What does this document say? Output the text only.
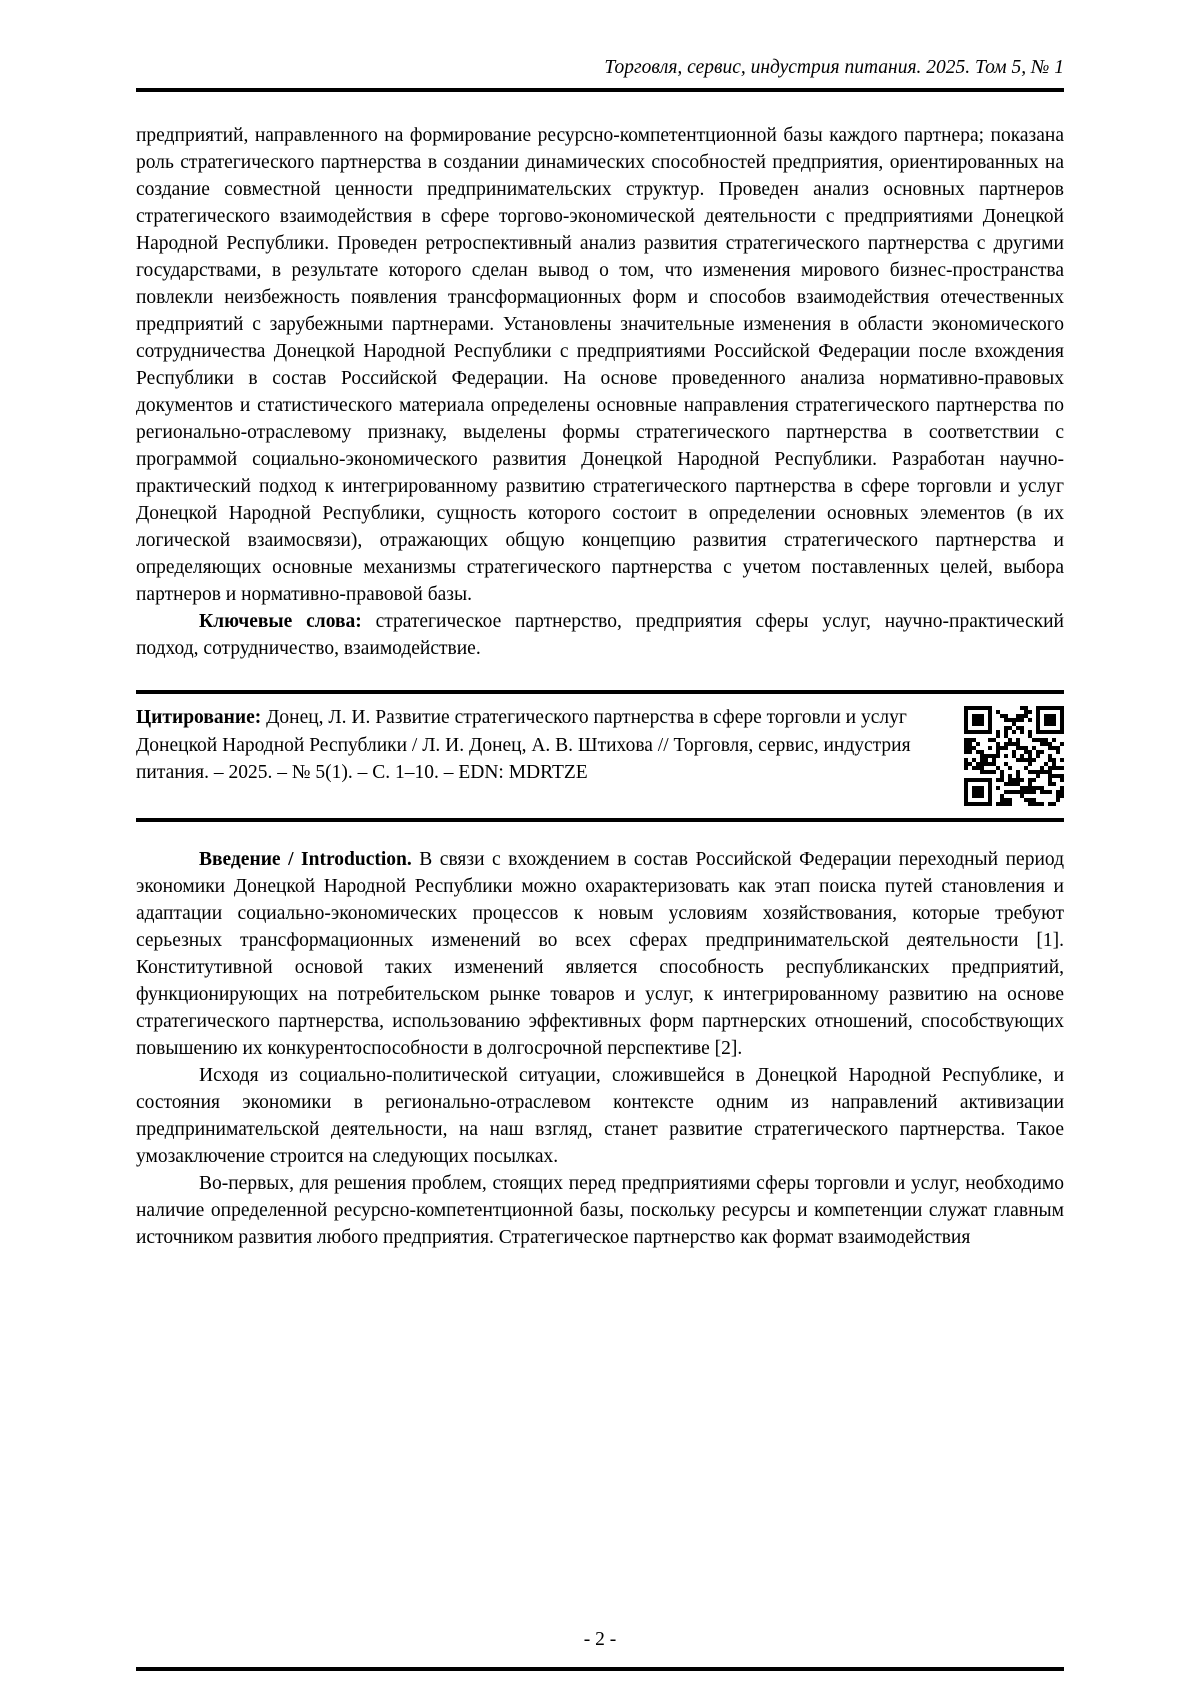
Торговля, сервис, индустрия питания. 2025. Том 5, № 1

предприятий, направленного на формирование ресурсно-компетентционной базы каждого партнера; показана роль стратегического партнерства в создании динамических способностей предприятия, ориентированных на создание совместной ценности предпринимательских структур. Проведен анализ основных партнеров стратегического взаимодействия в сфере торгово-экономической деятельности с предприятиями Донецкой Народной Республики. Проведен ретроспективный анализ развития стратегического партнерства с другими государствами, в результате которого сделан вывод о том, что изменения мирового бизнес-пространства повлекли неизбежность появления трансформационных форм и способов взаимодействия отечественных предприятий с зарубежными партнерами. Установлены значительные изменения в области экономического сотрудничества Донецкой Народной Республики с предприятиями Российской Федерации после вхождения Республики в состав Российской Федерации. На основе проведенного анализа нормативно-правовых документов и статистического материала определены основные направления стратегического партнерства по регионально-отраслевому признаку, выделены формы стратегического партнерства в соответствии с программой социально-экономического развития Донецкой Народной Республики. Разработан научно-практический подход к интегрированному развитию стратегического партнерства в сфере торговли и услуг Донецкой Народной Республики, сущность которого состоит в определении основных элементов (в их логической взаимосвязи), отражающих общую концепцию развития стратегического партнерства и определяющих основные механизмы стратегического партнерства с учетом поставленных целей, выбора партнеров и нормативно-правовой базы.

Ключевые слова: стратегическое партнерство, предприятия сферы услуг, научно-практический подход, сотрудничество, взаимодействие.

Цитирование: Донец, Л. И. Развитие стратегического партнерства в сфере торговли и услуг Донецкой Народной Республики / Л. И. Донец, А. В. Штихова // Торговля, сервис, индустрия питания. – 2025. – № 5(1). – С. 1–10. – EDN: MDRTZE

Введение / Introduction. В связи с вхождением в состав Российской Федерации переходный период экономики Донецкой Народной Республики можно охарактеризовать как этап поиска путей становления и адаптации социально-экономических процессов к новым условиям хозяйствования, которые требуют серьезных трансформационных изменений во всех сферах предпринимательской деятельности [1]. Конститутивной основой таких изменений является способность республиканских предприятий, функционирующих на потребительском рынке товаров и услуг, к интегрированному развитию на основе стратегического партнерства, использованию эффективных форм партнерских отношений, способствующих повышению их конкурентоспособности в долгосрочной перспективе [2].

Исходя из социально-политической ситуации, сложившейся в Донецкой Народной Республике, и состояния экономики в регионально-отраслевом контексте одним из направлений активизации предпринимательской деятельности, на наш взгляд, станет развитие стратегического партнерства. Такое умозаключение строится на следующих посылках.

Во-первых, для решения проблем, стоящих перед предприятиями сферы торговли и услуг, необходимо наличие определенной ресурсно-компетентционной базы, поскольку ресурсы и компетенции служат главным источником развития любого предприятия. Стратегическое партнерство как формат взаимодействия

- 2 -
